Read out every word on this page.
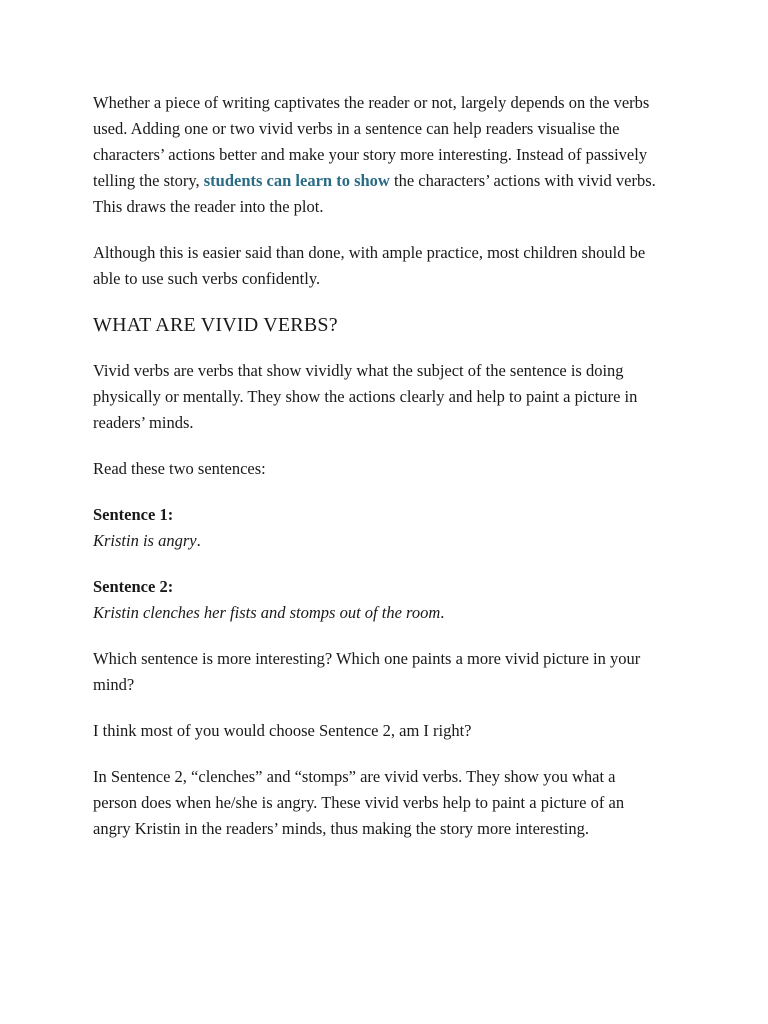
Whether a piece of writing captivates the reader or not, largely depends on the verbs used. Adding one or two vivid verbs in a sentence can help readers visualise the characters’ actions better and make your story more interesting. Instead of passively telling the story, students can learn to show the characters’ actions with vivid verbs. This draws the reader into the plot.

Although this is easier said than done, with ample practice, most children should be able to use such verbs confidently.

WHAT ARE VIVID VERBS?

Vivid verbs are verbs that show vividly what the subject of the sentence is doing physically or mentally. They show the actions clearly and help to paint a picture in readers’ minds.

Read these two sentences:

Sentence 1:
Kristin is angry.
Sentence 2:
Kristin clenches her fists and stomps out of the room.

Which sentence is more interesting? Which one paints a more vivid picture in your mind?

I think most of you would choose Sentence 2, am I right?

In Sentence 2, “clenches” and “stomps” are vivid verbs. They show you what a person does when he/she is angry. These vivid verbs help to paint a picture of an angry Kristin in the readers’ minds, thus making the story more interesting.
